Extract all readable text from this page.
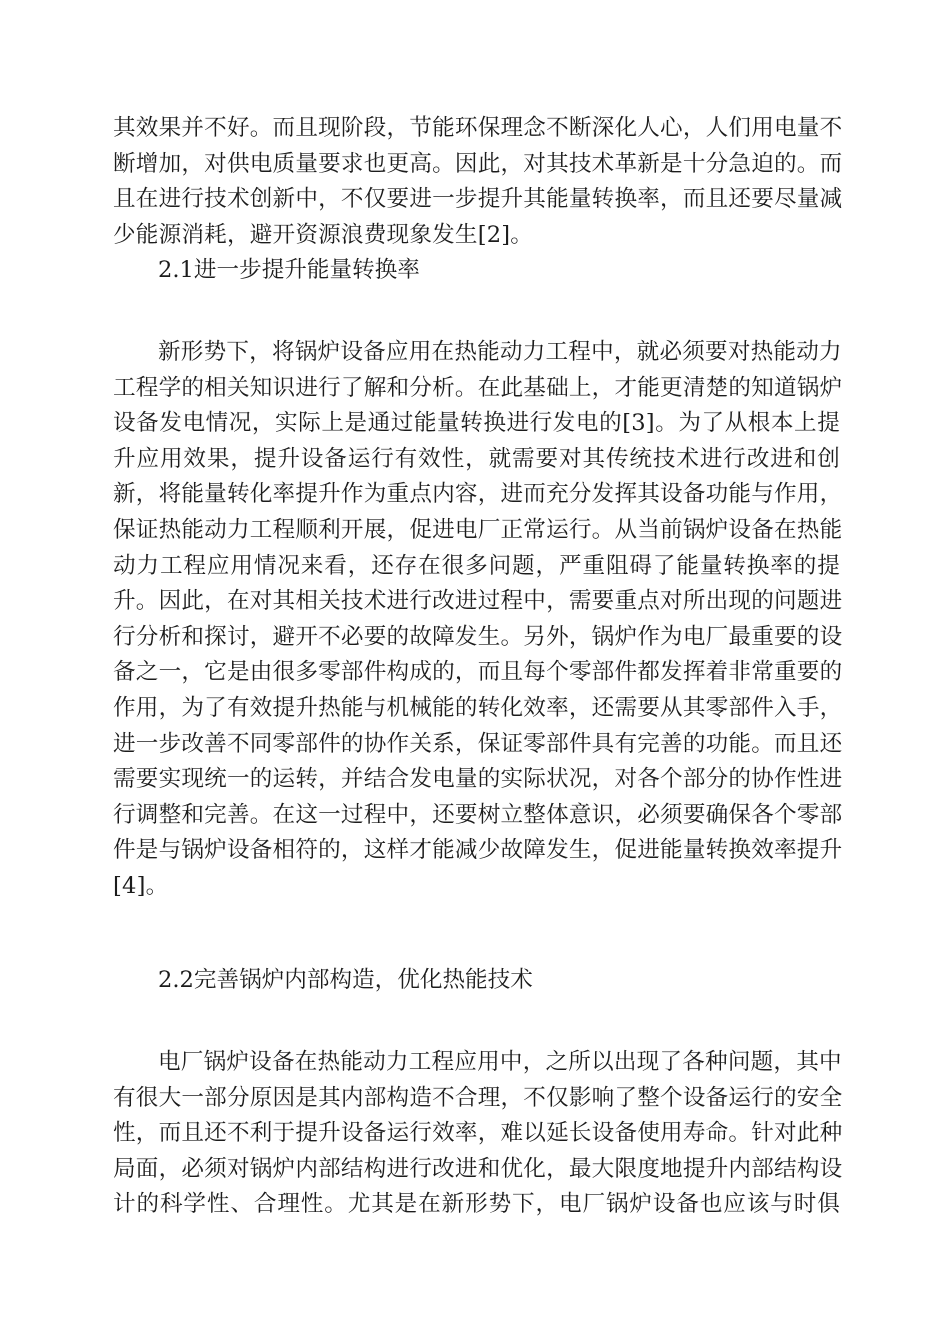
其效果并不好。而且现阶段，节能环保理念不断深化人心，人们用电量不
断增加，对供电质量要求也更高。因此，对其技术革新是十分急迫的。而
且在进行技术创新中，不仅要进一步提升其能量转换率，而且还要尽量减
少能源消耗，避开资源浪费现象发生[2]。
2.1进一步提升能量转换率
新形势下，将锅炉设备应用在热能动力工程中，就必须要对热能动力
工程学的相关知识进行了解和分析。在此基础上，才能更清楚的知道锅炉
设备发电情况，实际上是通过能量转换进行发电的[3]。为了从根本上提
升应用效果，提升设备运行有效性，就需要对其传统技术进行改进和创
新，将能量转化率提升作为重点内容，进而充分发挥其设备功能与作用，
保证热能动力工程顺利开展，促进电厂正常运行。从当前锅炉设备在热能
动力工程应用情况来看，还存在很多问题，严重阻碍了能量转换率的提
升。因此，在对其相关技术进行改进过程中，需要重点对所出现的问题进
行分析和探讨，避开不必要的故障发生。另外，锅炉作为电厂最重要的设
备之一，它是由很多零部件构成的，而且每个零部件都发挥着非常重要的
作用，为了有效提升热能与机械能的转化效率，还需要从其零部件入手，
进一步改善不同零部件的协作关系，保证零部件具有完善的功能。而且还
需要实现统一的运转，并结合发电量的实际状况，对各个部分的协作性进
行调整和完善。在这一过程中，还要树立整体意识，必须要确保各个零部
件是与锅炉设备相符的，这样才能减少故障发生，促进能量转换效率提升
[4]。
2.2完善锅炉内部构造，优化热能技术
电厂锅炉设备在热能动力工程应用中，之所以出现了各种问题，其中
有很大一部分原因是其内部构造不合理，不仅影响了整个设备运行的安全
性，而且还不利于提升设备运行效率，难以延长设备使用寿命。针对此种
局面，必须对锅炉内部结构进行改进和优化，最大限度地提升内部结构设
计的科学性、合理性。尤其是在新形势下，电厂锅炉设备也应该与时俱
